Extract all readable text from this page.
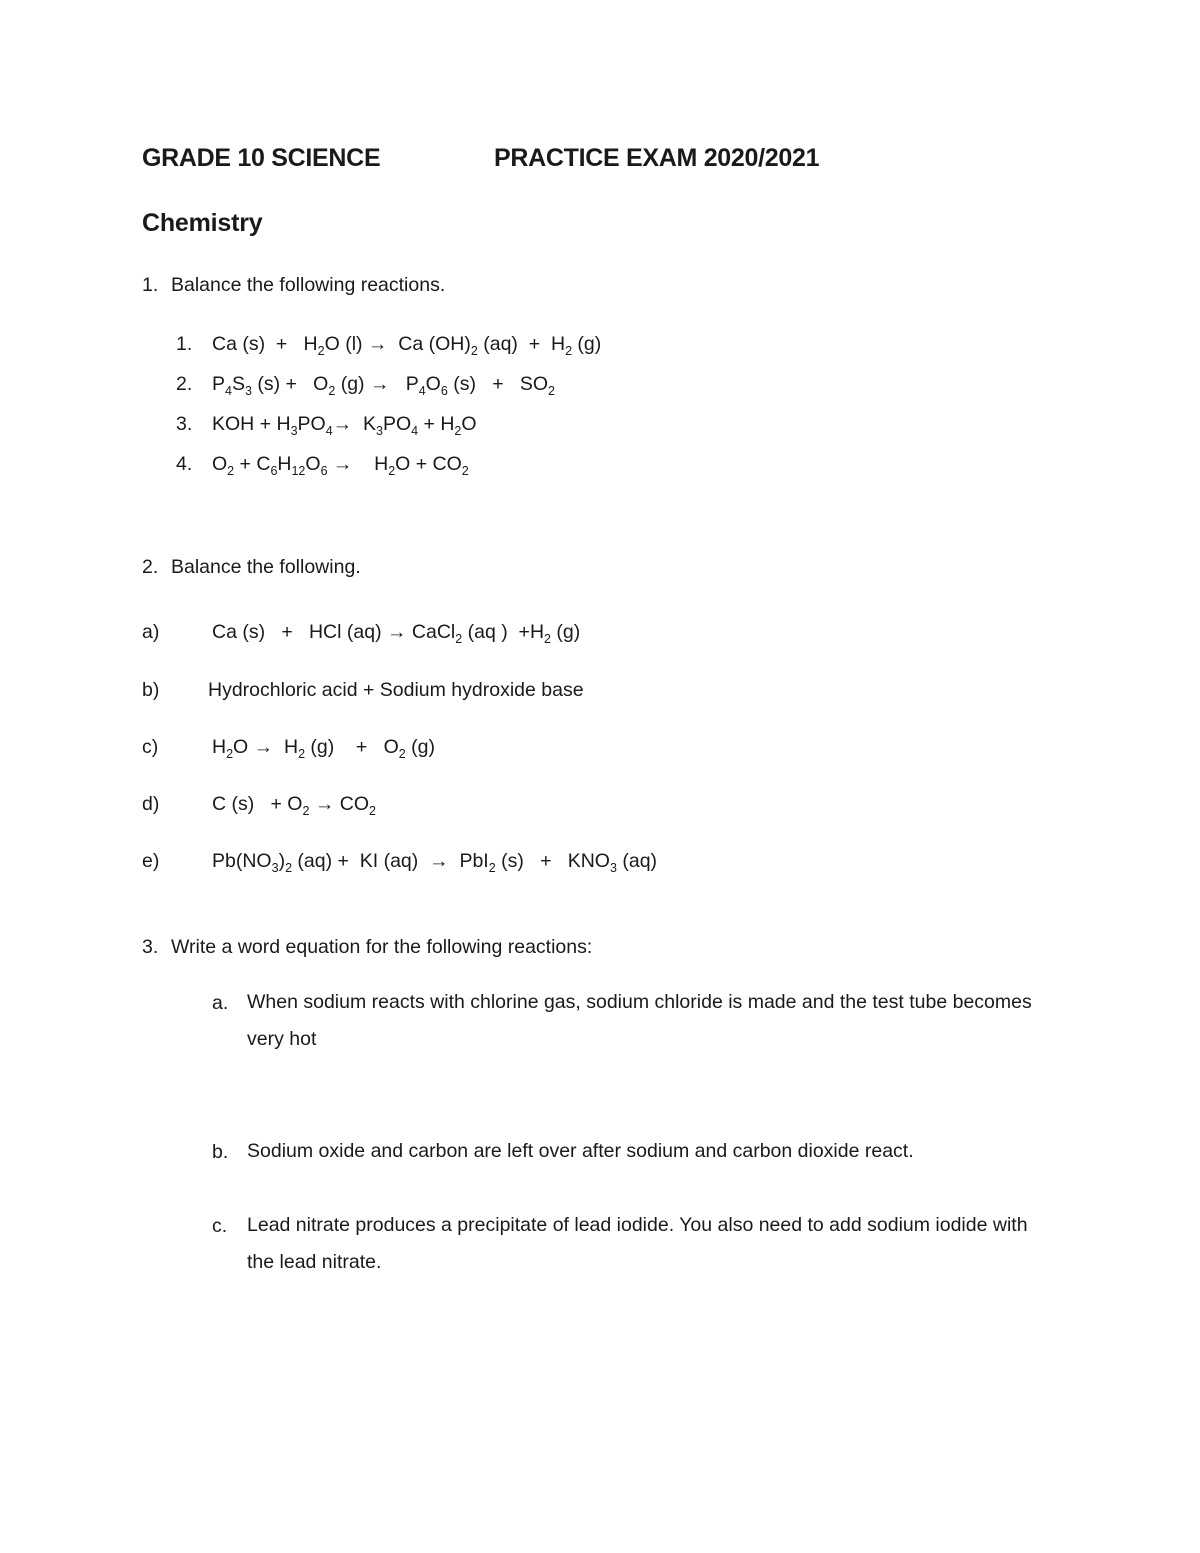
GRADE 10 SCIENCE	PRACTICE EXAM 2020/2021
Chemistry
1. Balance the following reactions.
1. Ca $(s) + H_2O$ (l) →  Ca $(OH)_2$ $(aq) + H_2$ (g)
2. $P_4S_3$ $(s) + O_2$ $(g) \to P_4O_6$ $(s) + SO_2$
3. KOH + $H_3PO_4\to K_3PO_4 + H_2O$
4. $O_2 + C_6H_{12}O_6$ →    $H_2O + CO_2$
2. Balance the following.
a)	Ca (s)   +   HCl (aq) → CaCl$_2$ (aq )  $+H_2$ (g)
b) Hydrochloric acid + Sodium hydroxide base
c)	$H_2O \to H_2$ (g)    +   $O_2$ (g)
d)	C $(s) + O_2 \to CO_2$
e)	$Pb(NO_3)_2$ (aq) +  KI (aq)  →  PbI$_2$ $(s) + KNO_3$ (aq)
3. Write a word equation for the following reactions:
a. When sodium reacts with chlorine gas, sodium chloride is made and the test tube becomes very hot
b. Sodium oxide and carbon are left over after sodium and carbon dioxide react.
c. Lead nitrate produces a precipitate of lead iodide. You also need to add sodium iodide with the lead nitrate.
